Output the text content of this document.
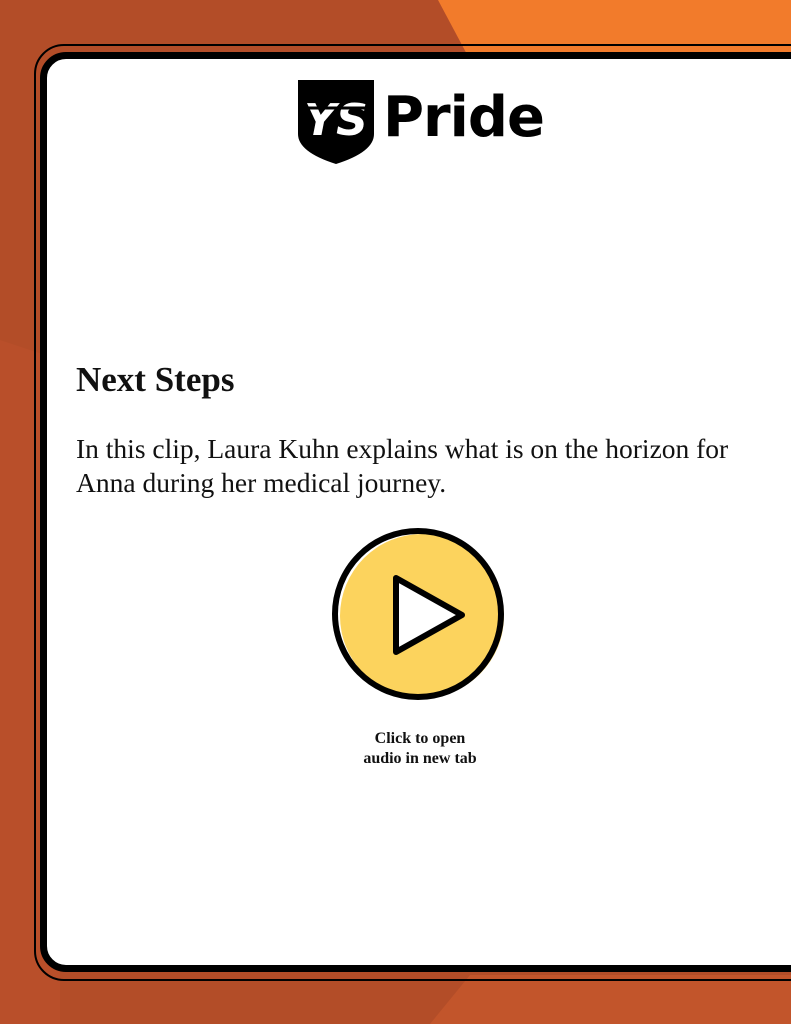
YS Pride
Next Steps

In this clip, Laura Kuhn explains what is on the horizon for Anna during her medical journey.

Click to open
audio in new tab
